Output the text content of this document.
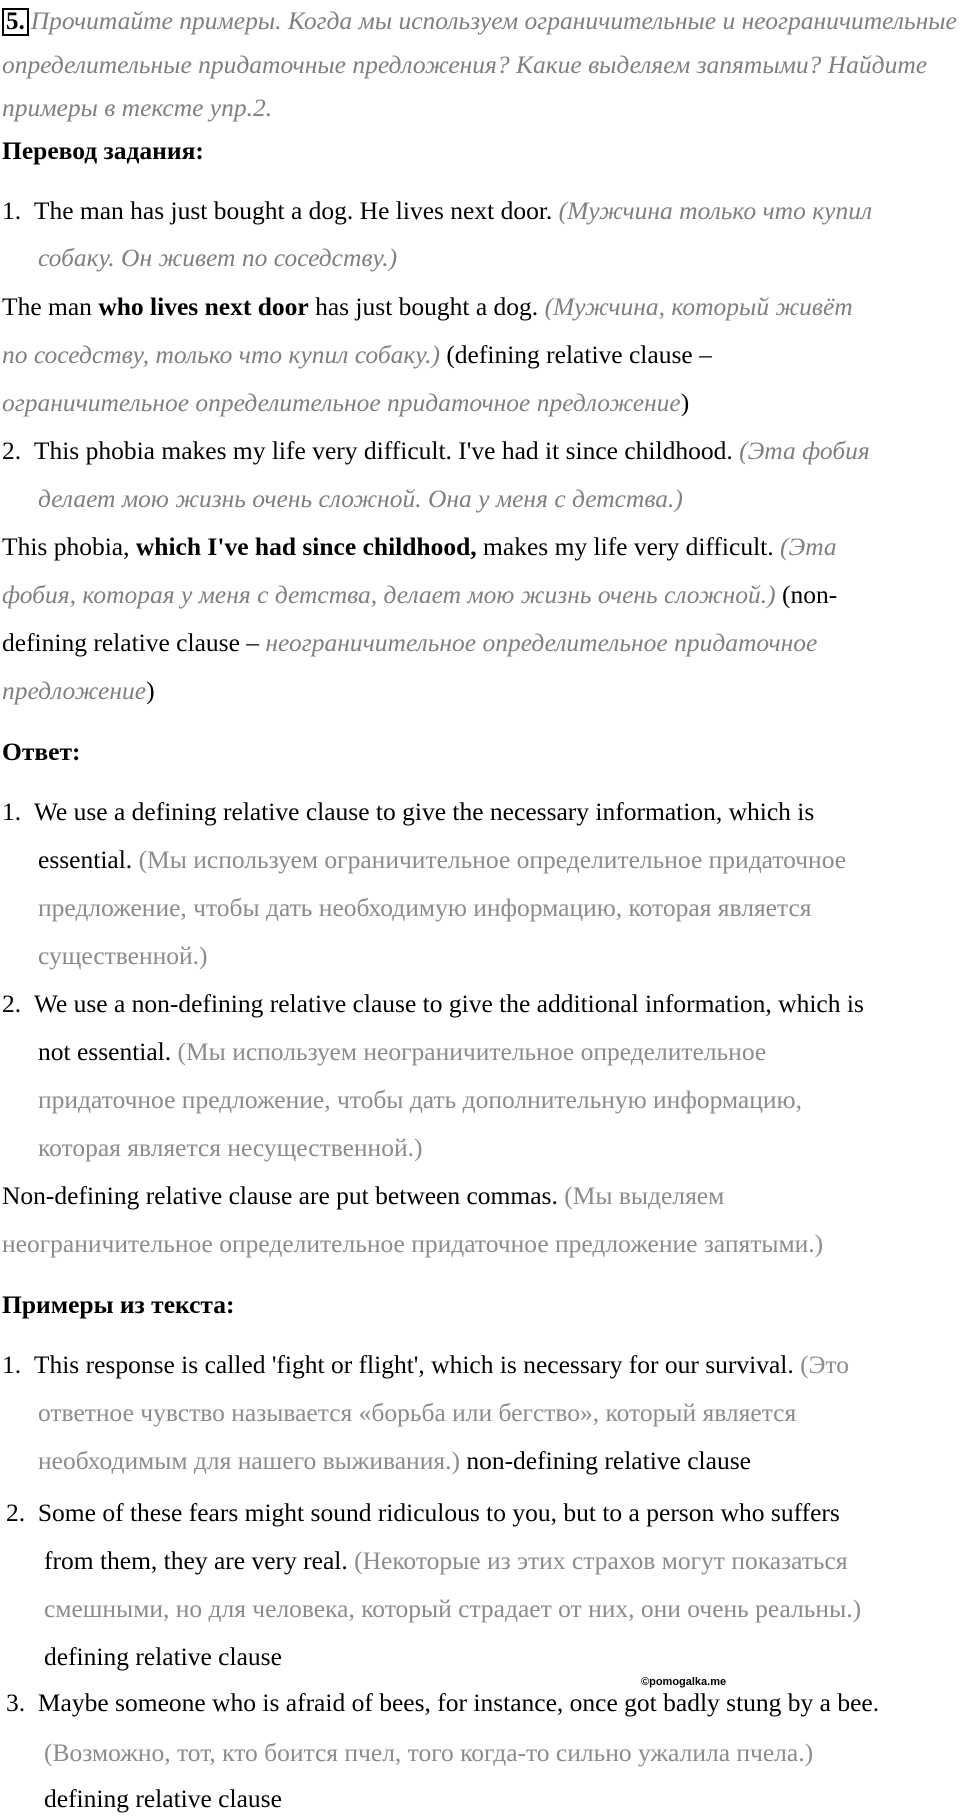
5. Прочитайте примеры. Когда мы используем ограничительные и неограничительные
определительные придаточные предложения? Какие выделяем запятыми? Найдите
примеры в тексте упр.2.
Перевод задания:
1. The man has just bought a dog. He lives next door. (Мужчина только что купил
собаку. Он живет по соседству.)
The man who lives next door has just bought a dog. (Мужчина, который живёт
по соседству, только что купил собаку.) (defining relative clause –
ограничительное определительное придаточное предложение)
2. This phobia makes my life very difficult. I've had it since childhood. (Эта фобия
делает мою жизнь очень сложной. Она у меня с детства.)
This phobia, which I've had since childhood, makes my life very difficult. (Эта
фобия, которая у меня с детства, делает мою жизнь очень сложной.) (non-
defining relative clause – неограничительное определительное придаточное
предложение)
Ответ:
1. We use a defining relative clause to give the necessary information, which is
essential. (Мы используем ограничительное определительное придаточное
предложение, чтобы дать необходимую информацию, которая является
существенной.)
2. We use a non-defining relative clause to give the additional information, which is
not essential. (Мы используем неограничительное определительное
придаточное предложение, чтобы дать дополнительную информацию,
которая является несущественной.)
Non-defining relative clause are put between commas. (Мы выделяем
неограничительное определительное придаточное предложение запятыми.)
Примеры из текста:
1. This response is called 'fight or flight', which is necessary for our survival. (Это
ответное чувство называется «борьба или бегство», который является
необходимым для нашего выживания.) non-defining relative clause
2. Some of these fears might sound ridiculous to you, but to a person who suffers
from them, they are very real. (Некоторые из этих страхов могут показаться
смешными, но для человека, который страдает от них, они очень реальны.)
defining relative clause
3. Maybe someone who is afraid of bees, for instance, once got badly stung by a bee.
(Возможно, тот, кто боится пчел, того когда-то сильно ужалила пчела.)
defining relative clause
©pomogalka.me
